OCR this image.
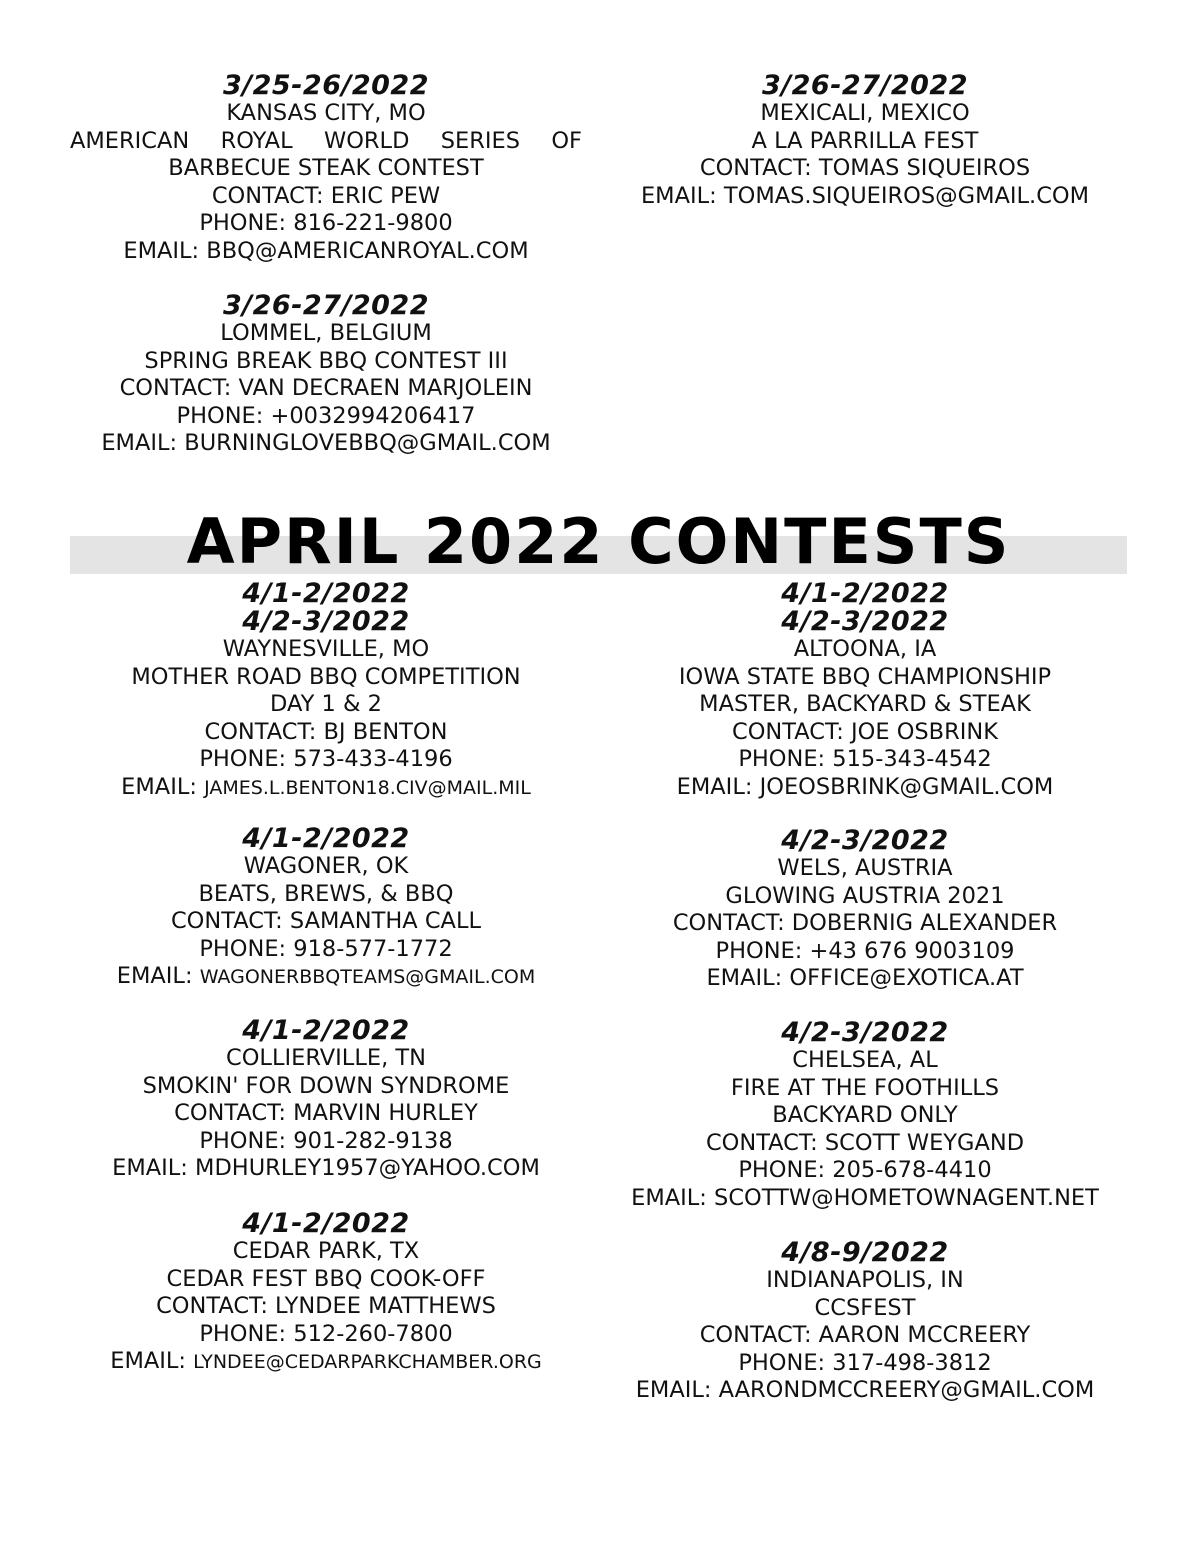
3/25-26/2022
KANSAS CITY, MO
AMERICAN ROYAL WORLD SERIES OF
BARBECUE STEAK CONTEST
CONTACT: ERIC PEW
PHONE: 816-221-9800
EMAIL: BBQ@AMERICANROYAL.COM
3/26-27/2022
LOMMEL, BELGIUM
SPRING BREAK BBQ CONTEST III
CONTACT: VAN DECRAEN MARJOLEIN
PHONE: +0032994206417
EMAIL: BURNINGLOVEBBQ@GMAIL.COM
3/26-27/2022
MEXICALI, MEXICO
A LA PARRILLA FEST
CONTACT: TOMAS SIQUEIROS
EMAIL: TOMAS.SIQUEIROS@GMAIL.COM
APRIL 2022 CONTESTS
4/1-2/2022
4/2-3/2022
WAYNESVILLE, MO
MOTHER ROAD BBQ COMPETITION
DAY 1 & 2
CONTACT: BJ BENTON
PHONE: 573-433-4196
EMAIL: JAMES.L.BENTON18.CIV@MAIL.MIL
4/1-2/2022
WAGONER, OK
BEATS, BREWS, & BBQ
CONTACT: SAMANTHA CALL
PHONE: 918-577-1772
EMAIL: WAGONERBBQTEAMS@GMAIL.COM
4/1-2/2022
COLLIERVILLE, TN
SMOKIN' FOR DOWN SYNDROME
CONTACT: MARVIN HURLEY
PHONE: 901-282-9138
EMAIL: MDHURLEY1957@YAHOO.COM
4/1-2/2022
CEDAR PARK, TX
CEDAR FEST BBQ COOK-OFF
CONTACT: LYNDEE MATTHEWS
PHONE: 512-260-7800
EMAIL: LYNDEE@CEDARPARKCHAMBER.ORG
4/1-2/2022
4/2-3/2022
ALTOONA, IA
IOWA STATE BBQ CHAMPIONSHIP
MASTER, BACKYARD & STEAK
CONTACT: JOE OSBRINK
PHONE: 515-343-4542
EMAIL: JOEOSBRINK@GMAIL.COM
4/2-3/2022
WELS, AUSTRIA
GLOWING AUSTRIA 2021
CONTACT: DOBERNIG ALEXANDER
PHONE: +43 676 9003109
EMAIL: OFFICE@EXOTICA.AT
4/2-3/2022
CHELSEA, AL
FIRE AT THE FOOTHILLS
BACKYARD ONLY
CONTACT: SCOTT WEYGAND
PHONE: 205-678-4410
EMAIL: SCOTTW@HOMETOWNAGENT.NET
4/8-9/2022
INDIANAPOLIS, IN
CCSFEST
CONTACT: AARON MCCREERY
PHONE: 317-498-3812
EMAIL: AARONDMCCREERY@GMAIL.COM
